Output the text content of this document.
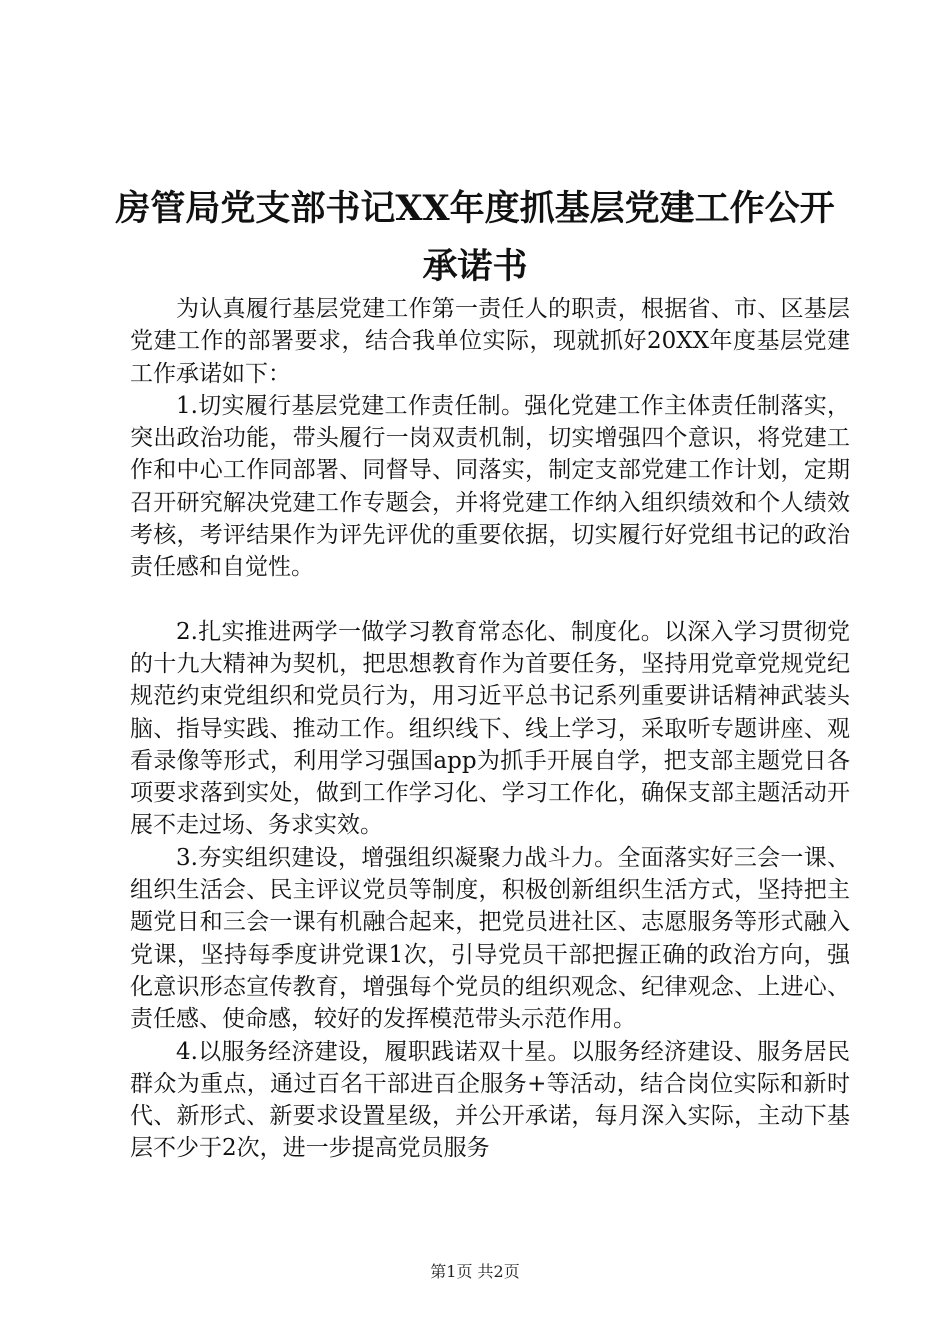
房管局党支部书记XX年度抓基层党建工作公开承诺书

为认真履行基层党建工作第一责任人的职责，根据省、市、区基层党建工作的部署要求，结合我单位实际，现就抓好20XX年度基层党建工作承诺如下：

1.切实履行基层党建工作责任制。强化党建工作主体责任制落实，突出政治功能，带头履行一岗双责机制，切实增强四个意识，将党建工作和中心工作同部署、同督导、同落实，制定支部党建工作计划，定期召开研究解决党建工作专题会，并将党建工作纳入组织绩效和个人绩效考核，考评结果作为评先评优的重要依据，切实履行好党组书记的政治责任感和自觉性。

2.扎实推进两学一做学习教育常态化、制度化。以深入学习贯彻党的十九大精神为契机，把思想教育作为首要任务，坚持用党章党规党纪规范约束党组织和党员行为，用习近平总书记系列重要讲话精神武装头脑、指导实践、推动工作。组织线下、线上学习，采取听专题讲座、观看录像等形式，利用学习强国app为抓手开展自学，把支部主题党日各项要求落到实处，做到工作学习化、学习工作化，确保支部主题活动开展不走过场、务求实效。

3.夯实组织建设，增强组织凝聚力战斗力。全面落实好三会一课、组织生活会、民主评议党员等制度，积极创新组织生活方式，坚持把主题党日和三会一课有机融合起来，把党员进社区、志愿服务等形式融入党课，坚持每季度讲党课1次，引导党员干部把握正确的政治方向，强化意识形态宣传教育，增强每个党员的组织观念、纪律观念、上进心、责任感、使命感，较好的发挥模范带头示范作用。

4.以服务经济建设，履职践诺双十星。以服务经济建设、服务居民群众为重点，通过百名干部进百企服务+等活动，结合岗位实际和新时代、新形式、新要求设置星级，并公开承诺，每月深入实际，主动下基层不少于2次，进一步提高党员服务

第1页 共2页
